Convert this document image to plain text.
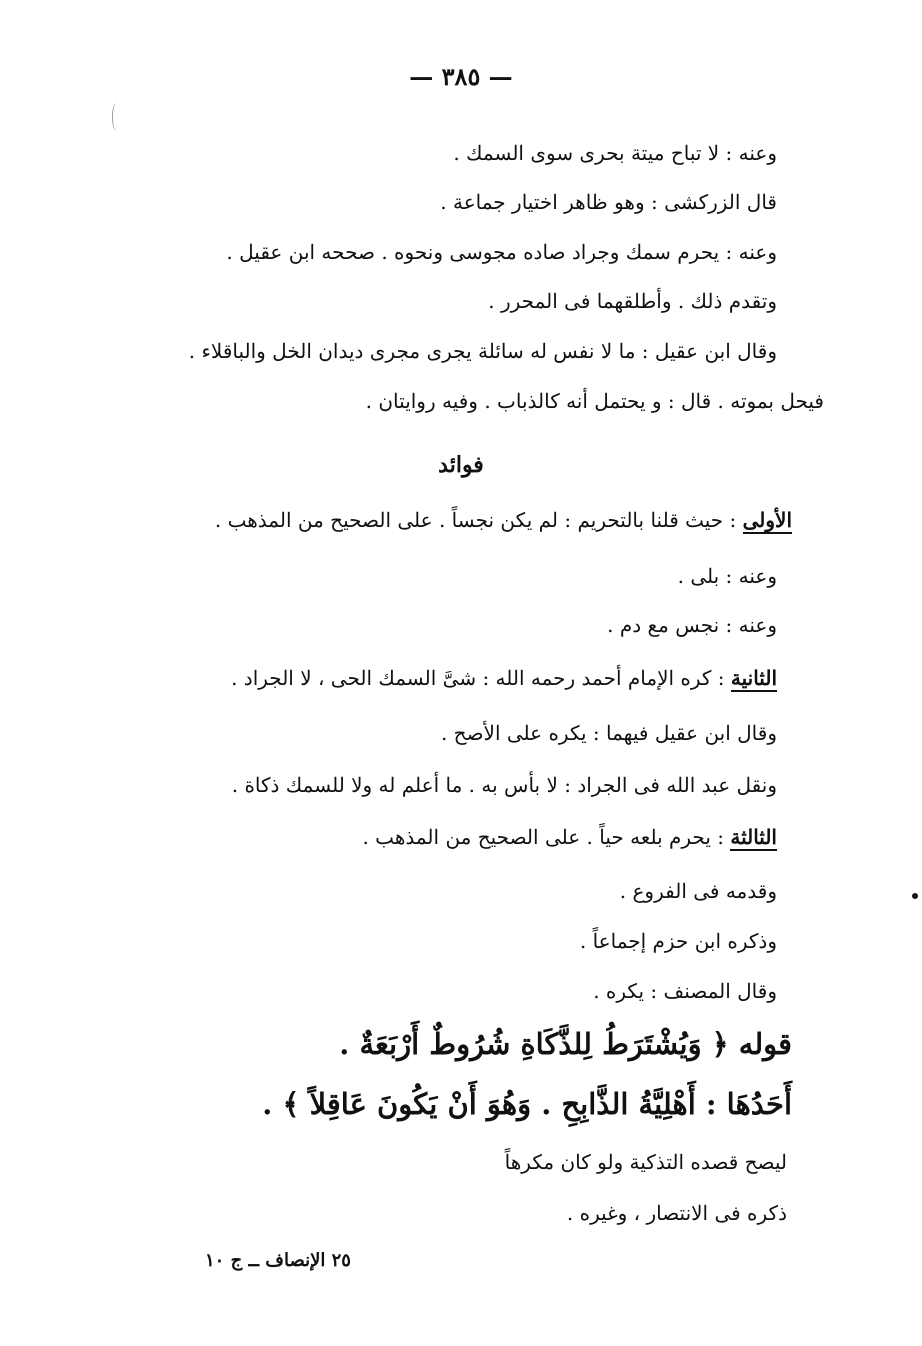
— ٣٨٥ —
وعنه : لا تباح ميتة بحرى سوى السمك .
قال الزركشى : وهو ظاهر اختيار جماعة .
وعنه : يحرم سمك وجراد صاده مجوسى ونحوه . صححه ابن عقيل .
وتقدم ذلك . وأطلقهما فى المحرر .
وقال ابن عقيل : ما لا نفس له سائلة يجرى مجرى ديدان الخل والباقلاء .
فيحل بموته . قال : و يحتمل أنه كالذباب . وفيه روايتان .
فوائد
الأولى : حيث قلنا بالتحريم : لم يكن نجساً . على الصحيح من المذهب .
وعنه : بلى .
وعنه : نجس مع دم .
الثانية : كره الإمام أحمد رحمه الله : شىَّ السمك الحى ، لا الجراد .
وقال ابن عقيل فيهما : يكره على الأصح .
ونقل عبد الله فى الجراد : لا بأس به . ما أعلم له ولا للسمك ذكاة .
الثالثة : يحرم بلعه حياً . على الصحيح من المذهب .
وقدمه فى الفروع .
وذكره ابن حزم إجماعاً .
وقال المصنف : يكره .
قوله ﴿ وَيُشْتَرَطُ لِلذَّكَاةِ شُرُوطٌ أَرْبَعَةٌ .
أَحَدُهَا : أَهْلِيَّةُ الذَّابِحِ . وَهُوَ أَنْ يَكُونَ عَاقِلاً ﴾ .
ليصح قصده التذكية ولو كان مكرهاً
ذكره فى الانتصار ، وغيره .
٢٥ الإنصاف ــ ج ١٠
